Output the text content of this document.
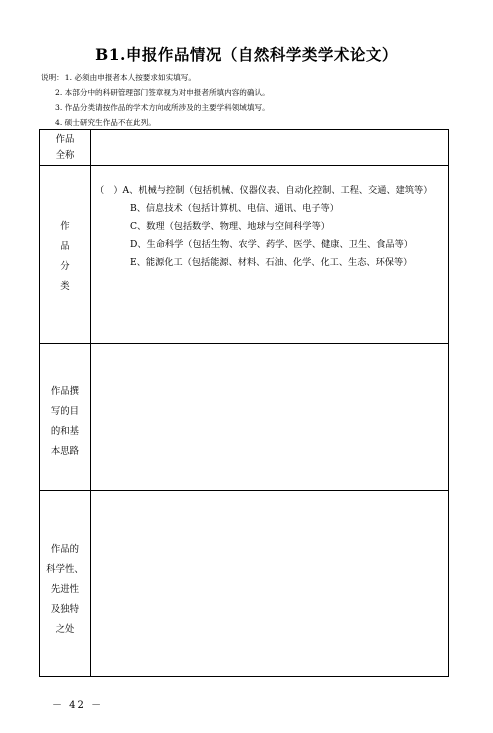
B1.申报作品情况（自然科学类学术论文）
说明：1. 必须由申报者本人按要求如实填写。
2. 本部分中的科研管理部门签章视为对申报者所填内容的确认。
3. 作品分类请按作品的学术方向或所涉及的主要学科领域填写。
4. 硕士研究生作品不在此列。
作品
全称
作
品
分
类
（　）A、机械与控制（包括机械、仪器仪表、自动化控制、工程、交通、建筑等）
B、信息技术（包括计算机、电信、通讯、电子等）
C、数理（包括数学、物理、地球与空间科学等）
D、生命科学（包括生物、农学、药学、医学、健康、卫生、食品等）
E、能源化工（包括能源、材料、石油、化学、化工、生态、环保等）
作品撰
写的目
的和基
本思路
作品的
科学性、
先进性
及独特
之处
－ 42 －
